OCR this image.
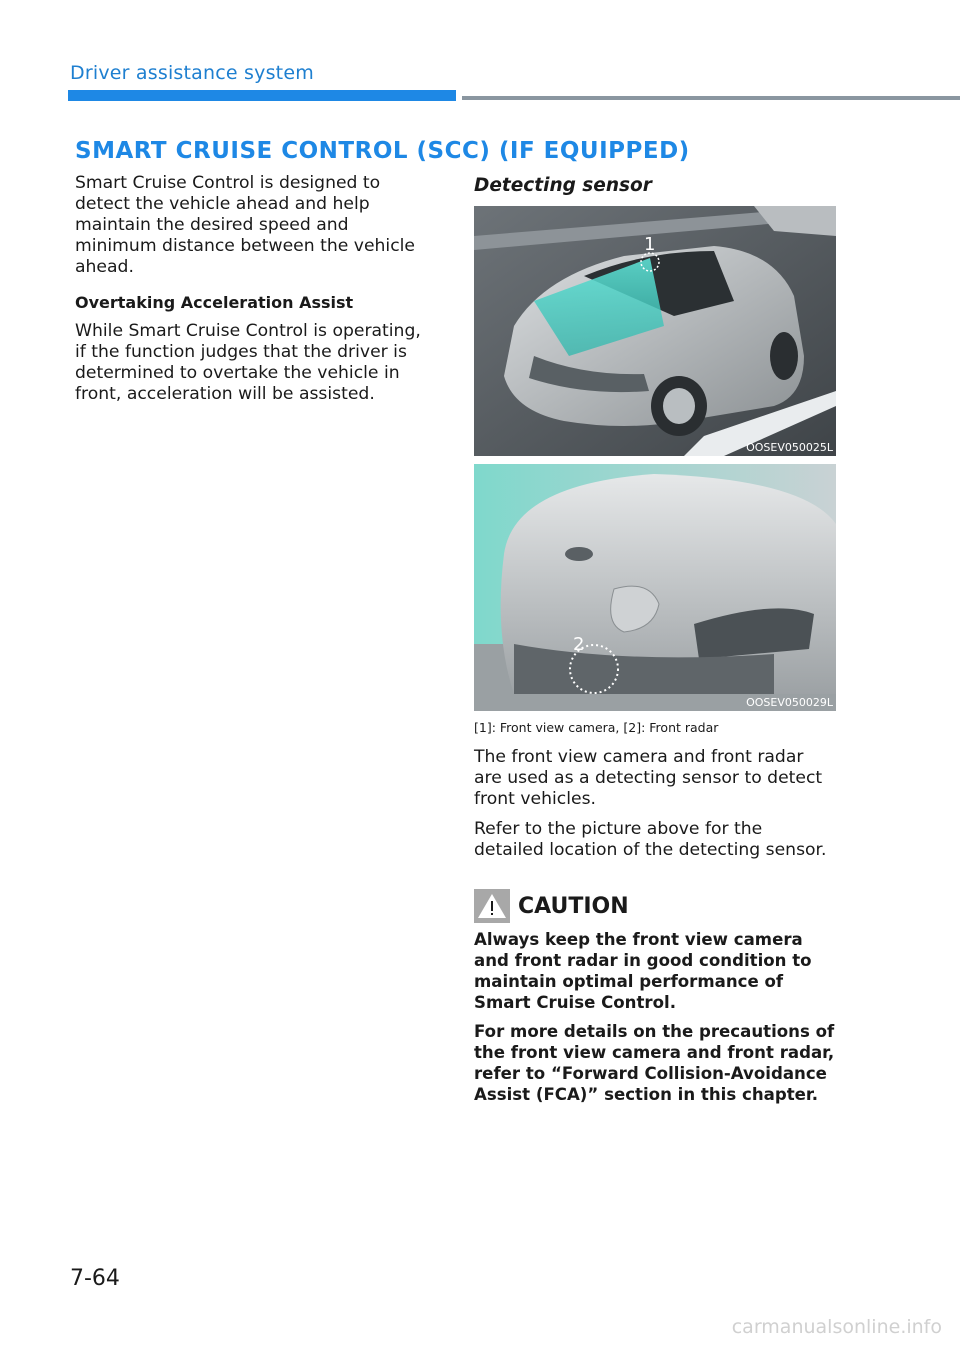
Driver assistance system
SMART CRUISE CONTROL (SCC) (IF EQUIPPED)

Smart Cruise Control is designed to detect the vehicle ahead and help maintain the desired speed and minimum distance between the vehicle ahead.

Overtaking Acceleration Assist

While Smart Cruise Control is operating, if the function judges that the driver is determined to overtake the vehicle in front, acceleration will be assisted.

Detecting sensor

1
OOSEV050025L
2
OOSEV050029L

[1]: Front view camera, [2]: Front radar

The front view camera and front radar are used as a detecting sensor to detect front vehicles.

Refer to the picture above for the detailed location of the detecting sensor.

CAUTION

Always keep the front view camera and front radar in good condition to maintain optimal performance of Smart Cruise Control.

For more details on the precautions of the front view camera and front radar, refer to “Forward Collision-Avoidance Assist (FCA)” section in this chapter.

7-64
carmanualsonline.info
